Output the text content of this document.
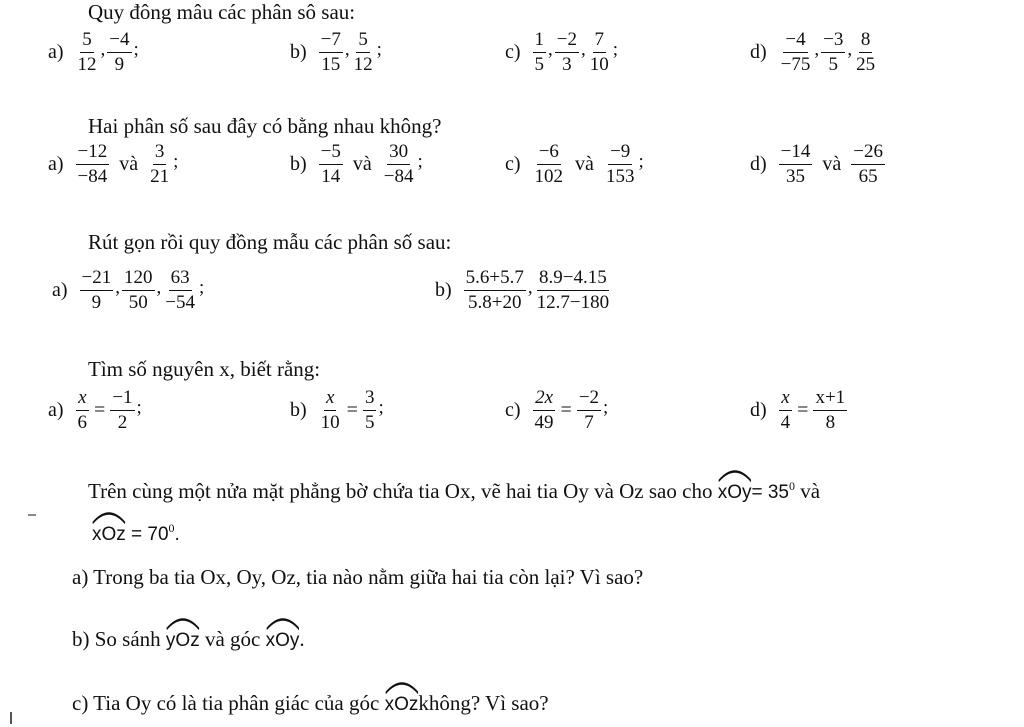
Quy đông mâu các phân sô sau:
$a) \frac{5}{12}$ , $\frac{-4}{9}$ ;	$b) \frac{-7}{15}$ , $\frac{5}{12}$ ;	$c) \frac{1}{5}$ , $\frac{-2}{3}$ , $\frac{7}{10}$ ;	$d) \frac{-4}{-75}$ , $\frac{-3}{5}$ , $\frac{8}{25}$
Hai phân số sau đây có bằng nhau không?
$a) \frac{-12}{-84}$ và $\frac{3}{21}$ ;	$b) \frac{-5}{14}$ và $\frac{30}{-84}$ ;	$c) \frac{-6}{102}$ và $\frac{-9}{153}$ ;	$d) \frac{-14}{35}$ và $\frac{-26}{65}$
Rút gọn rồi quy đồng mẫu các phân số sau:
$a) \frac{-21}{9}$ , $\frac{120}{50}$ , $\frac{63}{-54}$ ;	$b) \frac{5.6+5.7}{5.8+20}$ , $\frac{8.9-4.15}{12.7-180}$
Tìm số nguyên x, biết rằng:
$a) \frac{x}{6} = \frac{-1}{2}$ ;	$b) \frac{x}{10} = \frac{3}{5}$ ;	$c) \frac{2x}{49} = \frac{-2}{7}$ ;	$d) \frac{x}{4} = \frac{x+1}{8}$
Trên cùng một nửa mặt phẳng bờ chứa tia Ox, vẽ hai tia Oy và Oz sao cho $xOy= 35^0$ và
xOz = $70^0$.
a) Trong ba tia Ox, Oy, Oz, tia nào nằm giữa hai tia còn lại? Vì sao?
b) So sánh yOz và góc xOy.
c) Tia Oy có là tia phân giác của góc xOzkhông? Vì sao?
